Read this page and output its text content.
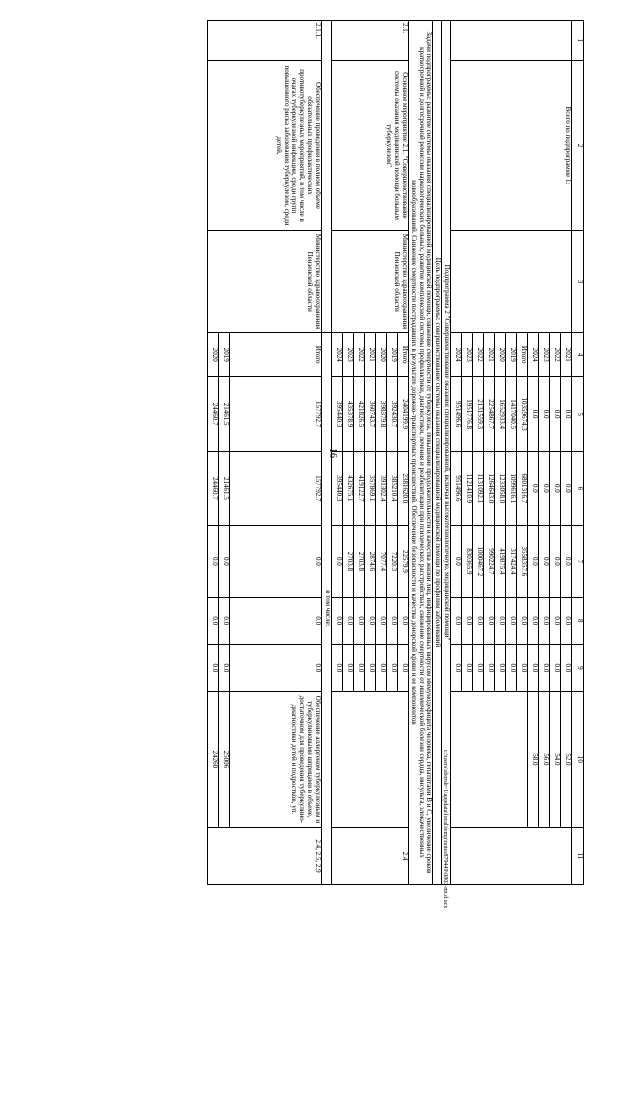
16
1	2	3	4	5	6	7	8	9	10	11
	Всего по подпрограмме 1:		2021	0.0	0.0	0.0	0.0	0.0	52.0	
			2022	0.0	0.0	0.0	0.0	0.0	54.0	
			2023	0.0	0.0	0.0	0.0	0.0	56.0	
			2024	0.0	0.0	0.0	0.0	0.0	58.0	
			Итого	10359674.3	6801316.7	3558357.6	0.0	0.0		
			2019	1417040.5	1099616.1	317424.4	0.0	0.0		
			2020	1652933.4	1233058.0	419875.4	0.0	0.0		
			2021	2254867.7	1264643.0	990224.7	0.0	0.0		
			2022	2131559.3	1131092.1	1000467.2	0.0	0.0		
			2023	1951776.8	1121410.9	830365.9	0.0	0.0		
			2024	951496.6	951496.6	0.0	0.0	0.0		
Подпрограмма 2 "Совершенствование оказания специализированной, включая высокотехнологичную, медицинской помощи"										
Цель подпрограммы: совершенствование системы оказания специализированной медицинской помощи по профилям заболеваний										
Задачи подпрограммы: развитие системы оказания специализированной медицинской помощи, снижение смертности от туберкулеза, повышение продолжительности и качества жизни лиц, инфицированных вирусом иммунодефицита человека, гепатитами B и C, увеличение сроков краткосрочной и долгосрочной ремиссии наркологических больных, развитие комплексной системы профилактики, диагностики, лечения и реабилитации при психических расстройствах, снижение смертности от ишемической болезни сердца, инсульта, злокачественных новообразований. Снижение смертности пострадавших в результате дорожно-транспортных происшествий. Обеспечение безопасности и качества донорской крови и ее компонентов										
2.1.	Основное мероприятие 2.1. "Совершенствование системы оказания медицинской помощи больным туберкулезом"	Министерство здравоохранения Пензенской области	Итого	2404199.9	2381620.0	22579.9	0.0	0.0		2.4
			2019	392430.7	385210.4	7220.3	0.0	0.0		
			2020	398379.8	391302.4	7077.4	0.0	0.0		
			2021	360743.7	357869.1	2874.6	0.0	0.0		
			2022	421826.5	419122.7	2703.8	0.0	0.0		
			2023	435378.9	432675.1	2703.8	0.0	0.0		
			2024	395440.3	395440.3	0.0	0.0	0.0		
			в том числе:							
2.1.1.	Обеспечение проведения в полном объеме обязательных профилактических противотуберкулезных мероприятий, в том числе в очагах туберкулезной инфекции, среди групп повышенного риска заболевания туберкулезом, среди детей,	Министерство здравоохранения Пензенской области	Итого	157792.7	157792.7	0.0	0.0	0.0	Обеспечение аллергеном туберкулезным и туберкулиновыми шприцами в объеме, достаточном для проведения туберкулино-диагностики детей и подростков, уп.	2.4, 2.5, 2.9
			2019	21461.5	21461.5	0.0	0.0	0.0	25006	
			2020	24460.7	24460.7	0.0	0.0	0.0	24260		c:\users\sborsh~1\appdata\local\temp\notes879449\0803-пп.d.ocx
